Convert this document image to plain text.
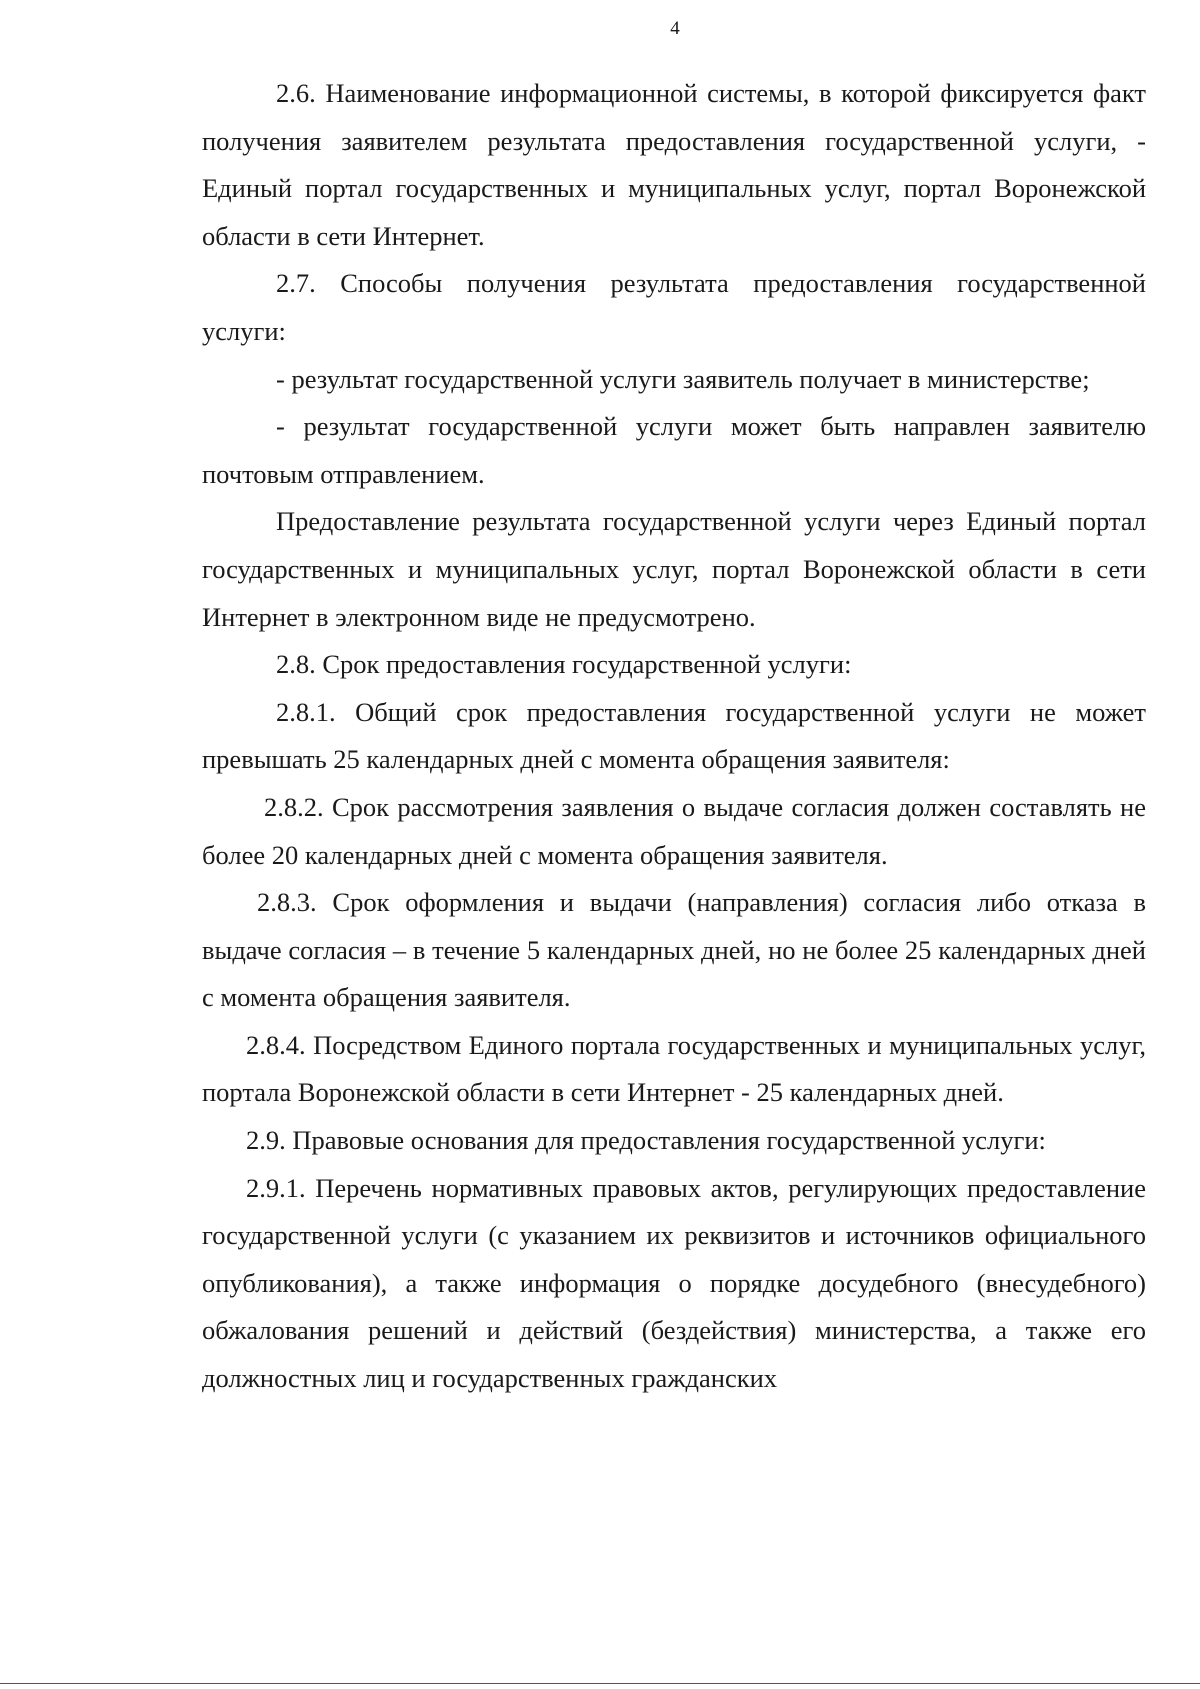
4

2.6. Наименование информационной системы, в которой фиксируется факт получения заявителем результата предоставления государственной услуги, - Единый портал государственных и муниципальных услуг, портал Воронежской области в сети Интернет.

2.7. Способы получения результата предоставления государственной услуги:

- результат государственной услуги заявитель получает в министерстве;

- результат государственной услуги может быть направлен заявителю почтовым отправлением.

Предоставление результата государственной услуги через Единый портал государственных и муниципальных услуг, портал Воронежской области в сети Интернет в электронном виде не предусмотрено.

2.8. Срок предоставления государственной услуги:

2.8.1. Общий срок предоставления государственной услуги не может превышать 25 календарных дней с момента обращения заявителя:

2.8.2. Срок рассмотрения заявления о выдаче согласия должен составлять не более 20 календарных дней с момента обращения заявителя.

2.8.3. Срок оформления и выдачи (направления) согласия либо отказа в выдаче согласия – в течение 5 календарных дней, но не более 25 календарных дней с момента обращения заявителя.

2.8.4. Посредством Единого портала государственных и муниципальных услуг, портала Воронежской области в сети Интернет - 25 календарных дней.

2.9. Правовые основания для предоставления государственной услуги:

2.9.1. Перечень нормативных правовых актов, регулирующих предоставление государственной услуги (с указанием их реквизитов и источников официального опубликования), а также информация о порядке досудебного (внесудебного) обжалования решений и действий (бездействия) министерства, а также его должностных лиц и государственных гражданских
